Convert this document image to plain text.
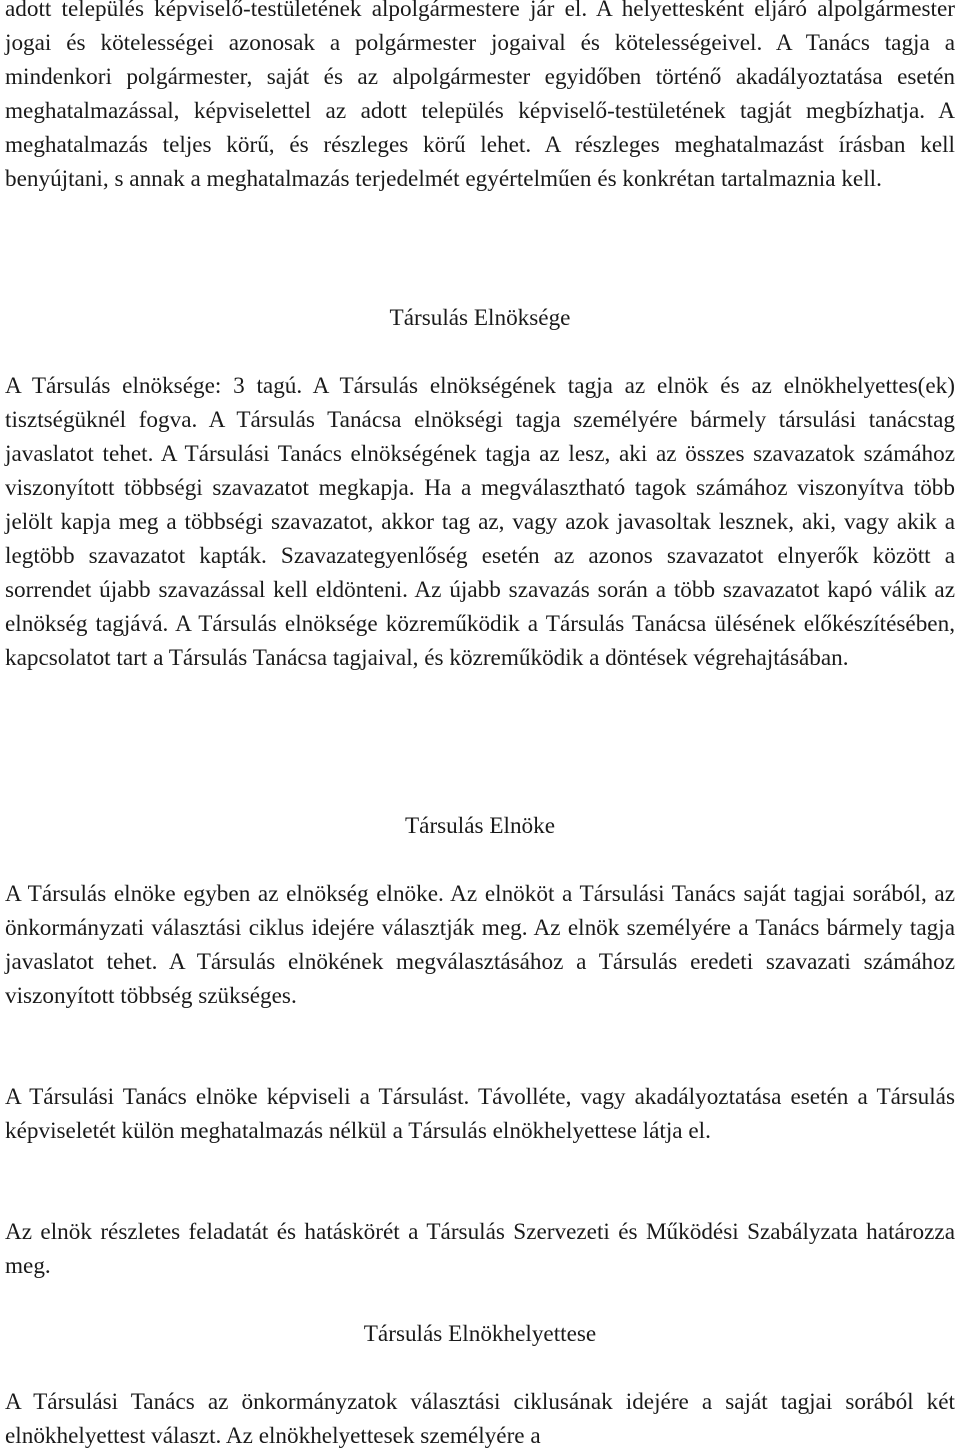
adott település képviselő-testületének alpolgármestere jár el. A helyettesként eljáró alpolgármester jogai és kötelességei azonosak a polgármester jogaival és kötelességeivel. A Tanács tagja a mindenkori polgármester, saját és az alpolgármester egyidőben történő akadályoztatása esetén meghatalmazással, képviselettel az adott település képviselő-testületének tagját megbízhatja. A meghatalmazás teljes körű, és részleges körű lehet. A részleges meghatalmazást írásban kell benyújtani, s annak a meghatalmazás terjedelmét egyértelműen és konkrétan tartalmaznia kell.

Társulás Elnöksége

A Társulás elnöksége: 3 tagú. A Társulás elnökségének tagja az elnök és az elnökhelyettes(ek) tisztségüknél fogva. A Társulás Tanácsa elnökségi tagja személyére bármely társulási tanácstag javaslatot tehet. A Társulási Tanács elnökségének tagja az lesz, aki az összes szavazatok számához viszonyított többségi szavazatot megkapja. Ha a megválasztható tagok számához viszonyítva több jelölt kapja meg a többségi szavazatot, akkor tag az, vagy azok javasoltak lesznek, aki, vagy akik a legtöbb szavazatot kapták. Szavazategyenlőség esetén az azonos szavazatot elnyerők között a sorrendet újabb szavazással kell eldönteni. Az újabb szavazás során a több szavazatot kapó válik az elnökség tagjává. A Társulás elnöksége közreműködik a Társulás Tanácsa ülésének előkészítésében, kapcsolatot tart a Társulás Tanácsa tagjaival, és közreműködik a döntések végrehajtásában.

Társulás Elnöke

A Társulás elnöke egyben az elnökség elnöke. Az elnököt a Társulási Tanács saját tagjai sorából, az önkormányzati választási ciklus idejére választják meg. Az elnök személyére a Tanács bármely tagja javaslatot tehet. A Társulás elnökének megválasztásához a Társulás eredeti szavazati számához viszonyított többség szükséges.

A Társulási Tanács elnöke képviseli a Társulást. Távolléte, vagy akadályoztatása esetén a Társulás képviseletét külön meghatalmazás nélkül a Társulás elnökhelyettese látja el.

Az elnök részletes feladatát és hatáskörét a Társulás Szervezeti és Működési Szabályzata határozza meg.

Társulás Elnökhelyettese

A Társulási Tanács az önkormányzatok választási ciklusának idejére a saját tagjai sorából két elnökhelyettest választ. Az elnökhelyettesek személyére a
